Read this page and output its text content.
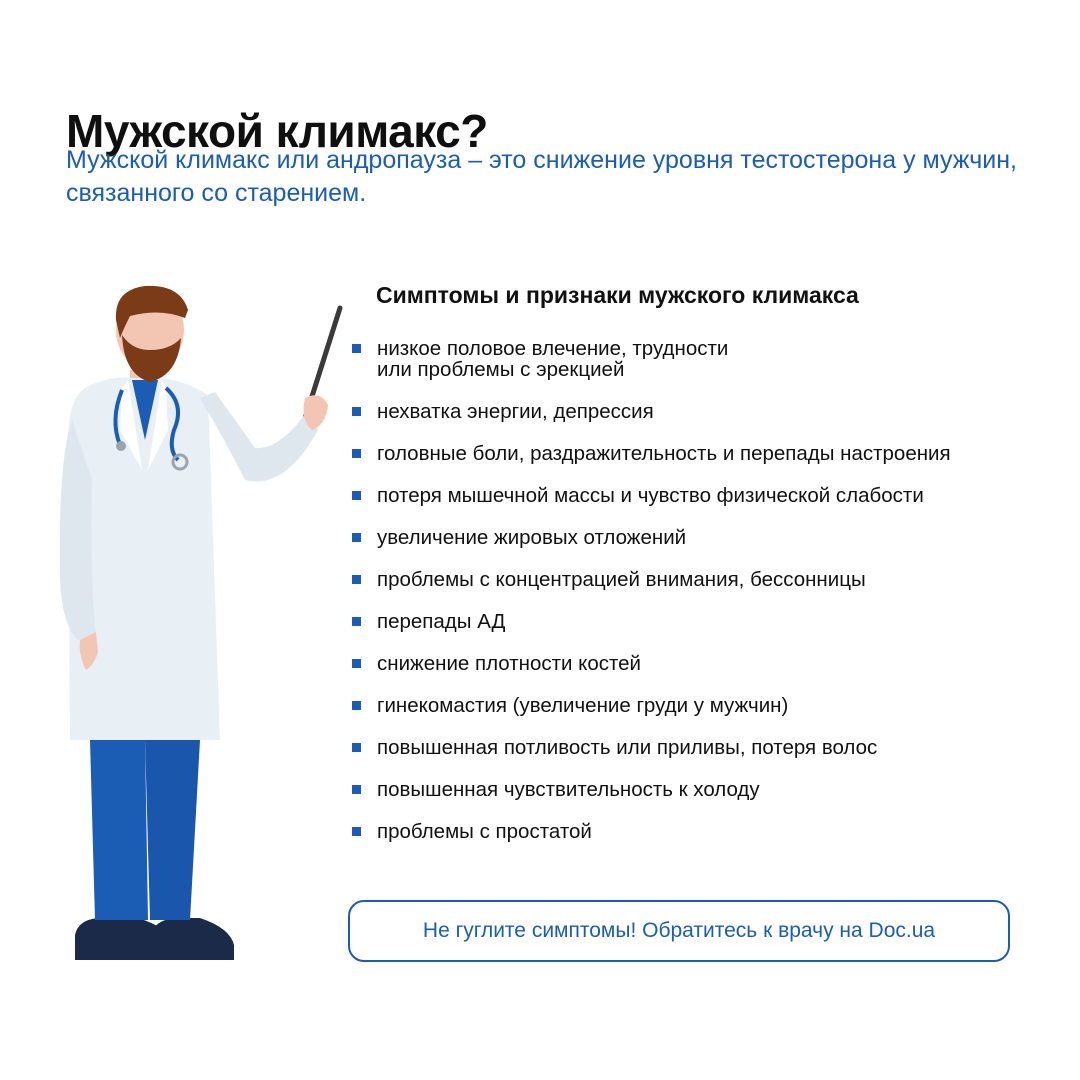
Мужской климакс?
Мужской климакс или андропауза – это снижение уровня тестостерона у мужчин, связанного со старением.
Симптомы и признаки мужского климакса
низкое половое влечение, трудности
или проблемы с эрекцией
нехватка энергии, депрессия
головные боли, раздражительность и перепады настроения
потеря мышечной массы и чувство физической слабости
увеличение жировых отложений
проблемы с концентрацией внимания, бессонницы
перепады АД
снижение плотности костей
гинекомастия (увеличение груди у мужчин)
повышенная потливость или приливы, потеря волос
повышенная чувствительность к холоду
проблемы с простатой
Не гуглите симптомы! Обратитесь к врачу на Doc.ua
